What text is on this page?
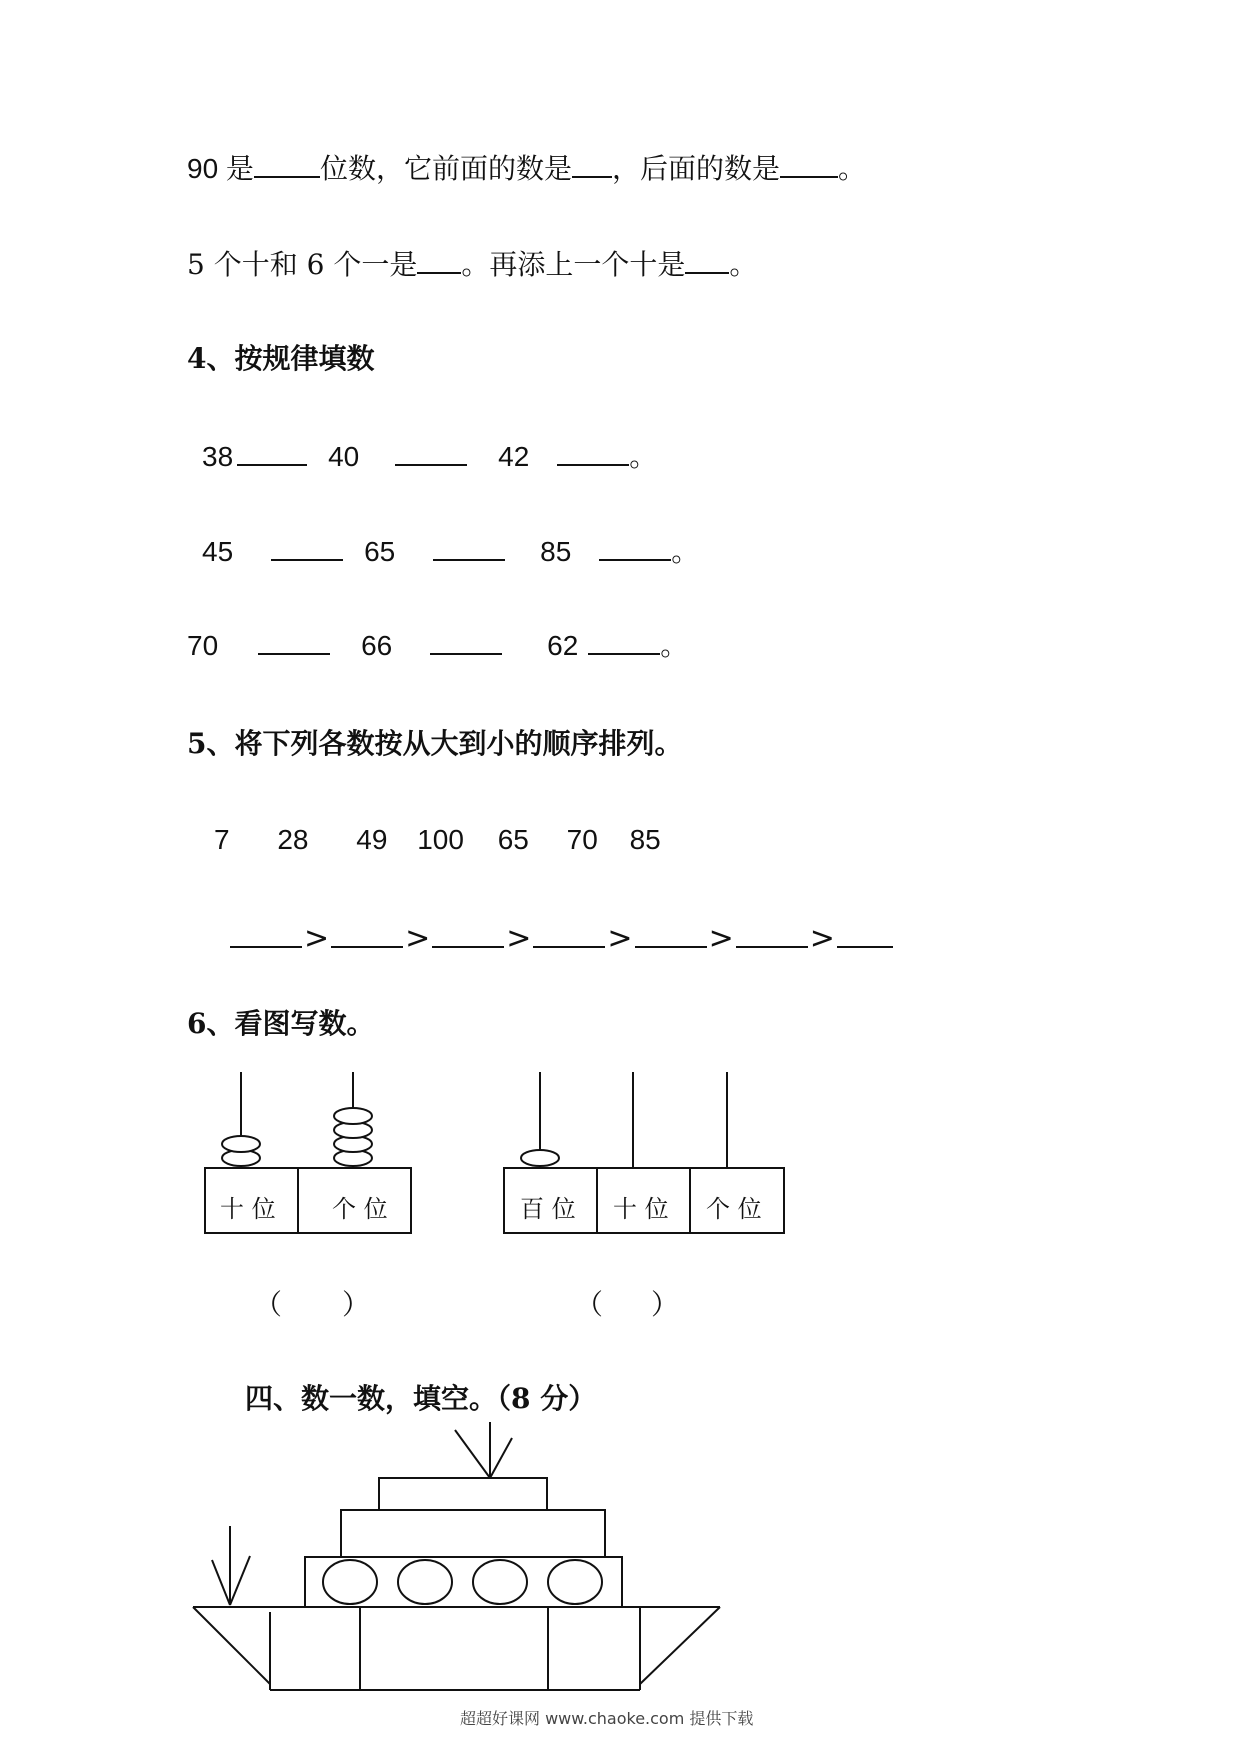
90 是 位数，它前面的数是 ，后面的数是 。
5 个十和 6 个一是 。再添上一个十是 。
4、按规律填数
38	40	42	。
45	65	85	。
70	66	62	。
5、将下列各数按从大到小的顺序排列。
7 28 49 100 65 70 85
>	>	>	>	>	>
6、看图写数。
十 位 个 位	百 位 十 位 个 位
（ ）	（ ）
四、数一数，填空。（8 分）
超超好课网 www.chaoke.com 提供下载
